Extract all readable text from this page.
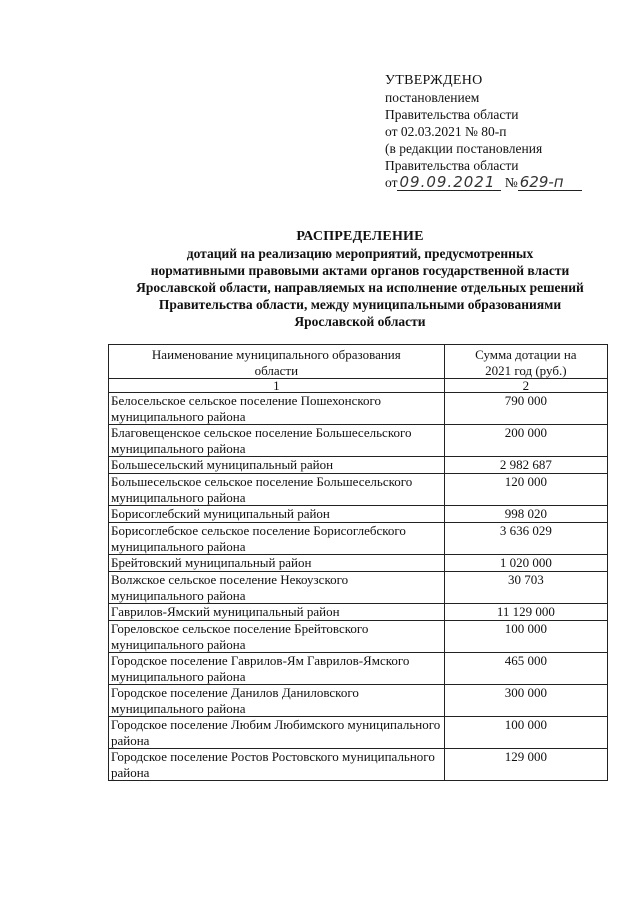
УТВЕРЖДЕНО
постановлением
Правительства области
от 02.03.2021 № 80-п
(в редакции постановления
Правительства области
от 09.09.2021 № 629-п
РАСПРЕДЕЛЕНИЕ
дотаций на реализацию мероприятий, предусмотренных
нормативными правовыми актами органов государственной власти
Ярославской области, направляемых на исполнение отдельных решений
Правительства области, между муниципальными образованиями
Ярославской области
Наименование муниципального образования области	Сумма дотации на 2021 год (руб.)
1	2
Белосельское сельское поселение Пошехонского муниципального района	790 000
Благовещенское сельское поселение Большесельского муниципального района	200 000
Большесельский муниципальный район	2 982 687
Большесельское сельское поселение Большесельского муниципального района	120 000
Борисоглебский муниципальный район	998 020
Борисоглебское сельское поселение Борисоглебского муниципального района	3 636 029
Брейтовский муниципальный район	1 020 000
Волжское сельское поселение Некоузского муниципального района	30 703
Гаврилов-Ямский муниципальный район	11 129 000
Гореловское сельское поселение Брейтовского муниципального района	100 000
Городское поселение Гаврилов-Ям Гаврилов-Ямского муниципального района	465 000
Городское поселение Данилов Даниловского муниципального района	300 000
Городское поселение Любим Любимского муниципального района	100 000
Городское поселение Ростов Ростовского муниципального района	129 000
